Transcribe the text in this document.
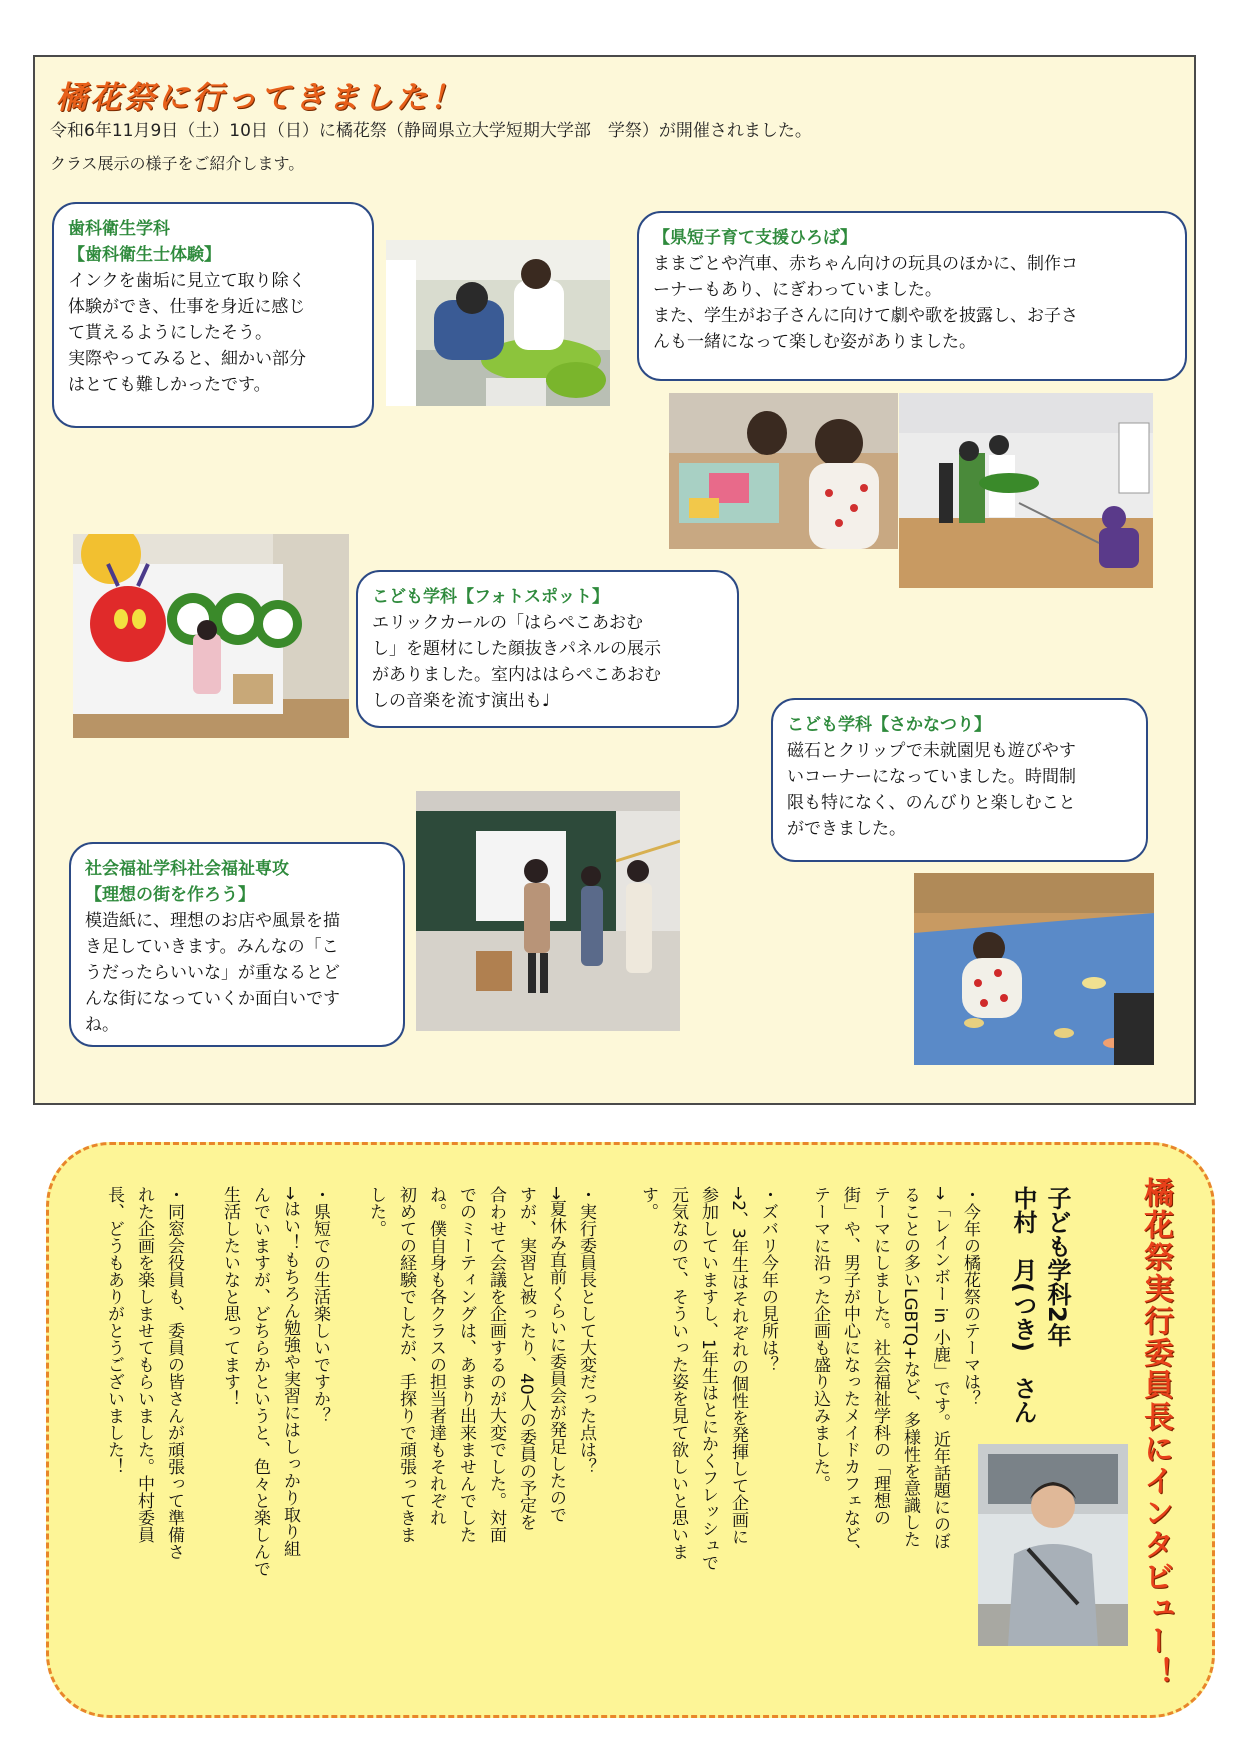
橘花祭に行ってきました！

令和6年11月9日（土）10日（日）に橘花祭（静岡県立大学短期大学部　学祭）が開催されました。

クラス展示の様子をご紹介します。

歯科衛生学科

【歯科衛生士体験】

インクを歯垢に見立て取り除く

体験ができ、仕事を身近に感じ

て貰えるようにしたそう。

実際やってみると、細かい部分

はとても難しかったです。

【県短子育て支援ひろば】

ままごとや汽車、赤ちゃん向けの玩具のほかに、制作コ

ーナーもあり、にぎわっていました。

また、学生がお子さんに向けて劇や歌を披露し、お子さ

んも一緒になって楽しむ姿がありました。

こども学科【フォトスポット】

エリックカールの「はらぺこあおむ

し」を題材にした顔抜きパネルの展示

がありました。室内ははらぺこあおむ

しの音楽を流す演出も♩

こども学科【さかなつり】

磁石とクリップで未就園児も遊びやす

いコーナーになっていました。時間制

限も特になく、のんびりと楽しむこと

ができました。

社会福祉学科社会福祉専攻

【理想の街を作ろう】

模造紙に、理想のお店や風景を描

き足していきます。みんなの「こ

うだったらいいな」が重なるとど

んな街になっていくか面白いです

ね。

橘花祭実行委員長にインタビュー！

子ども学科2年

中村　月(つき)　さん

・今年の橘花祭のテーマは？

→「レインボー in 小鹿」です。近年話題にのぼ

ることの多いLGBTQ+など、多様性を意識した

テーマにしました。社会福祉学科の「理想の

街」や、男子が中心になったメイドカフェなど、

テーマに沿った企画も盛り込みました。

・ズバリ今年の見所は？

→2、3年生はそれぞれの個性を発揮して企画に

参加していますし、1年生はとにかくフレッシュで

元気なので、そういった姿を見て欲しいと思いま

す。

・実行委員長として大変だった点は？

→夏休み直前くらいに委員会が発足したので

すが、実習と被ったり、40人の委員の予定を

合わせて会議を企画するのが大変でした。対面

でのミーティングは、あまり出来ませんでした

ね。僕自身も各クラスの担当者達もそれぞれ

初めての経験でしたが、手探りで頑張ってきま

した。

・県短での生活楽しいですか？

→はい！もちろん勉強や実習にはしっかり取り組

んでいますが、どちらかというと、色々と楽しんで

生活したいなと思ってます！

・同窓会役員も、委員の皆さんが頑張って準備さ

れた企画を楽しませてもらいました。中村委員

長、どうもありがとうございました！
